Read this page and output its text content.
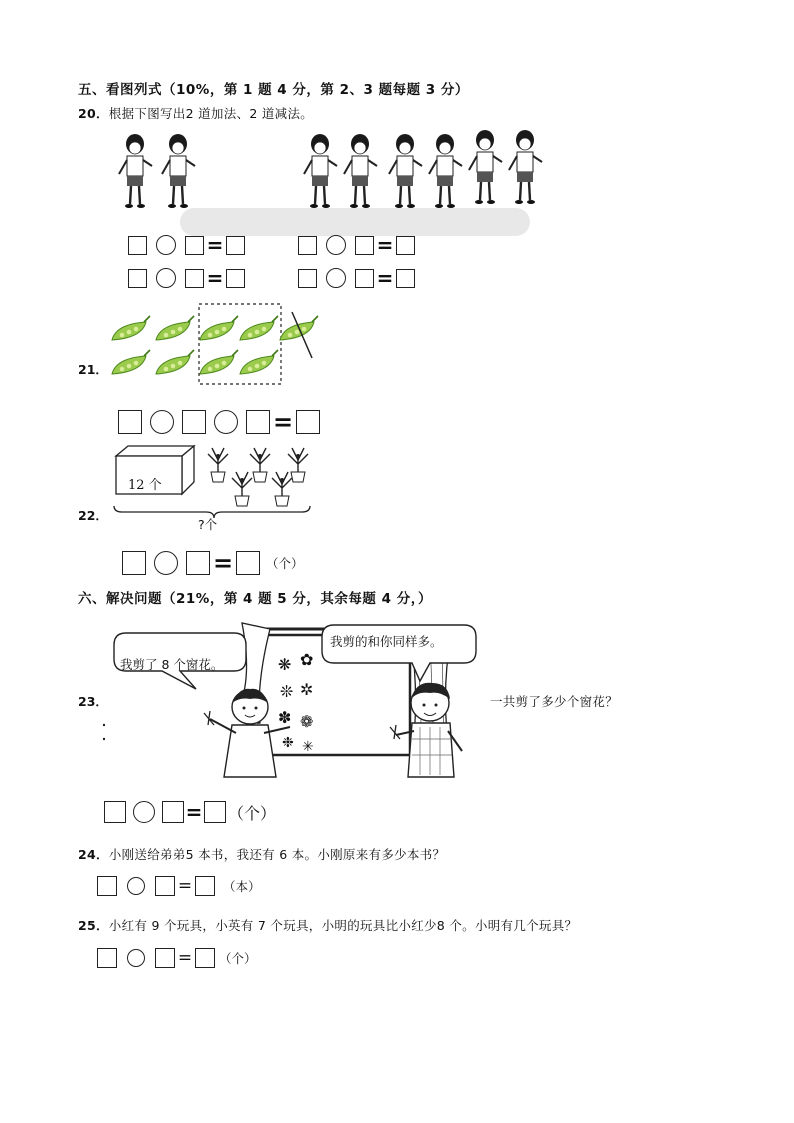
五、看图列式（10%，第 1 题 4 分，第 2、3 题每题 3 分）
20．根据下图写出2 道加法、2 道减法。
=
=
=
=
21．
=
22．
12 个
?个
=	（个）
六、解决问题（21%，第 4 题 5 分，其余每题 4 分，）
23．
❋ ✿
❊ ✲
✽ ❁
✳
❉
我剪了 8 个窗花。
我剪的和你同样多。
一共剪了多少个窗花？
= （个）
24．小刚送给弟弟5 本书，我还有 6 本。小刚原来有多少本书？
= （本）
25．小红有 9 个玩具，小英有 7 个玩具，小明的玩具比小红少8 个。小明有几个玩具？
= （个）
